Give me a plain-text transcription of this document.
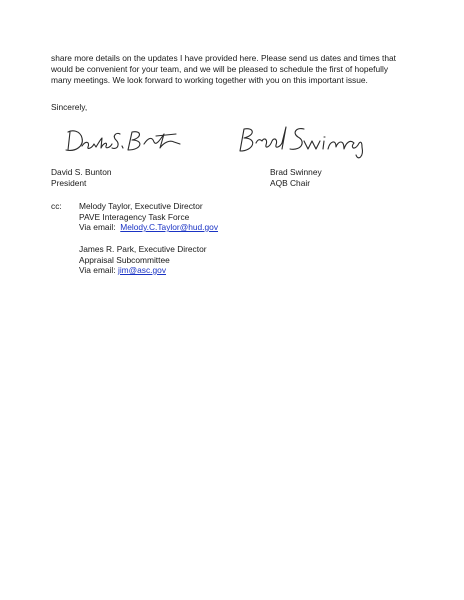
share more details on the updates I have provided here. Please send us dates and times that
would be convenient for your team, and we will be pleased to schedule the first of hopefully
many meetings. We look forward to working together with you on this important issue.
Sincerely,
David S. Bunton
President
Brad Swinney
AQB Chair
cc: Melody Taylor, Executive Director
PAVE Interagency Task Force
Via email: Melody.C.Taylor@hud.gov
James R. Park, Executive Director
Appraisal Subcommittee
Via email: jim@asc.gov
